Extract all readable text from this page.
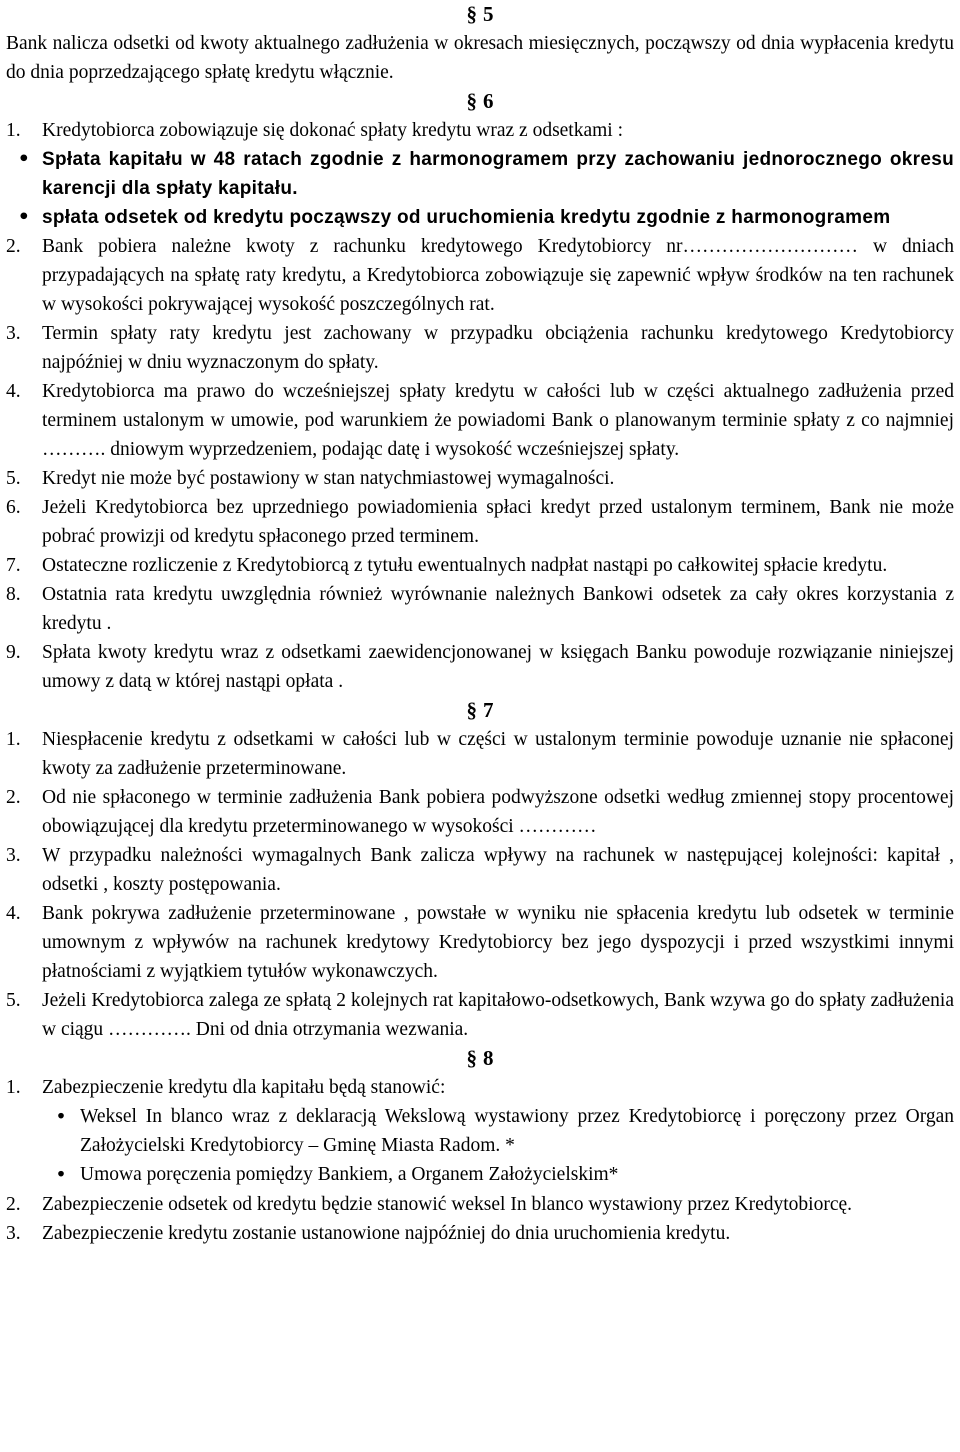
§ 5
Bank nalicza odsetki od kwoty aktualnego zadłużenia w okresach miesięcznych, począwszy od dnia wypłacenia kredytu do dnia poprzedzającego spłatę kredytu włącznie.
§ 6
1.	Kredytobiorca zobowiązuje się dokonać spłaty kredytu wraz z odsetkami :
•
Spłata kapitału w 48 ratach zgodnie z harmonogramem przy zachowaniu jednorocznego okresu karencji dla spłaty kapitału.
•
spłata odsetek od kredytu począwszy od uruchomienia kredytu zgodnie z harmonogramem
2.	Bank pobiera należne kwoty z rachunku kredytowego Kredytobiorcy nr……………………… w dniach przypadających na spłatę raty kredytu, a Kredytobiorca zobowiązuje się zapewnić wpływ środków na ten rachunek w wysokości pokrywającej wysokość poszczególnych rat.
3.	Termin spłaty raty kredytu jest zachowany w przypadku obciążenia rachunku kredytowego Kredytobiorcy najpóźniej w dniu wyznaczonym do spłaty.
4.	Kredytobiorca ma prawo do wcześniejszej spłaty kredytu w całości lub w części aktualnego zadłużenia przed terminem ustalonym w umowie, pod warunkiem że powiadomi Bank o planowanym terminie spłaty z co najmniej ………. dniowym wyprzedzeniem, podając datę i wysokość wcześniejszej spłaty.
5.	Kredyt nie może być postawiony w stan natychmiastowej wymagalności.
6.	Jeżeli Kredytobiorca bez uprzedniego powiadomienia spłaci kredyt przed ustalonym terminem, Bank nie może pobrać prowizji od kredytu spłaconego przed terminem.
7.	Ostateczne rozliczenie z Kredytobiorcą z tytułu ewentualnych nadpłat nastąpi po całkowitej spłacie kredytu.
8.	Ostatnia rata kredytu uwzględnia również wyrównanie należnych Bankowi odsetek za cały okres korzystania z kredytu .
9.	Spłata kwoty kredytu wraz z odsetkami zaewidencjonowanej w księgach Banku powoduje rozwiązanie niniejszej umowy z datą w której nastąpi opłata .
§ 7
1.	Niespłacenie kredytu z odsetkami w całości lub w części w ustalonym terminie powoduje uznanie nie spłaconej kwoty za zadłużenie przeterminowane.
2.	Od nie spłaconego w terminie zadłużenia Bank pobiera podwyższone odsetki według zmiennej stopy procentowej obowiązującej dla kredytu przeterminowanego w wysokości …………
3.	W przypadku należności wymagalnych Bank zalicza wpływy na rachunek w następującej kolejności: kapitał , odsetki , koszty postępowania.
4.	Bank pokrywa zadłużenie przeterminowane , powstałe w wyniku nie spłacenia kredytu lub odsetek w terminie umownym z wpływów na rachunek kredytowy Kredytobiorcy bez jego dyspozycji i przed wszystkimi innymi płatnościami z wyjątkiem tytułów wykonawczych.
5.	Jeżeli Kredytobiorca zalega ze spłatą 2 kolejnych rat kapitałowo-odsetkowych, Bank wzywa go do spłaty zadłużenia w ciągu …………. Dni od dnia otrzymania wezwania.
§ 8
1.	Zabezpieczenie kredytu dla kapitału będą stanowić:
•
Weksel In blanco wraz z deklaracją Wekslową wystawiony przez Kredytobiorcę i poręczony przez Organ Założycielski Kredytobiorcy – Gminę Miasta Radom. *
•
Umowa poręczenia pomiędzy Bankiem, a Organem Założycielskim*
2.	Zabezpieczenie odsetek od kredytu będzie stanowić weksel In blanco wystawiony przez Kredytobiorcę.
3.	Zabezpieczenie kredytu zostanie ustanowione najpóźniej do dnia uruchomienia kredytu.
